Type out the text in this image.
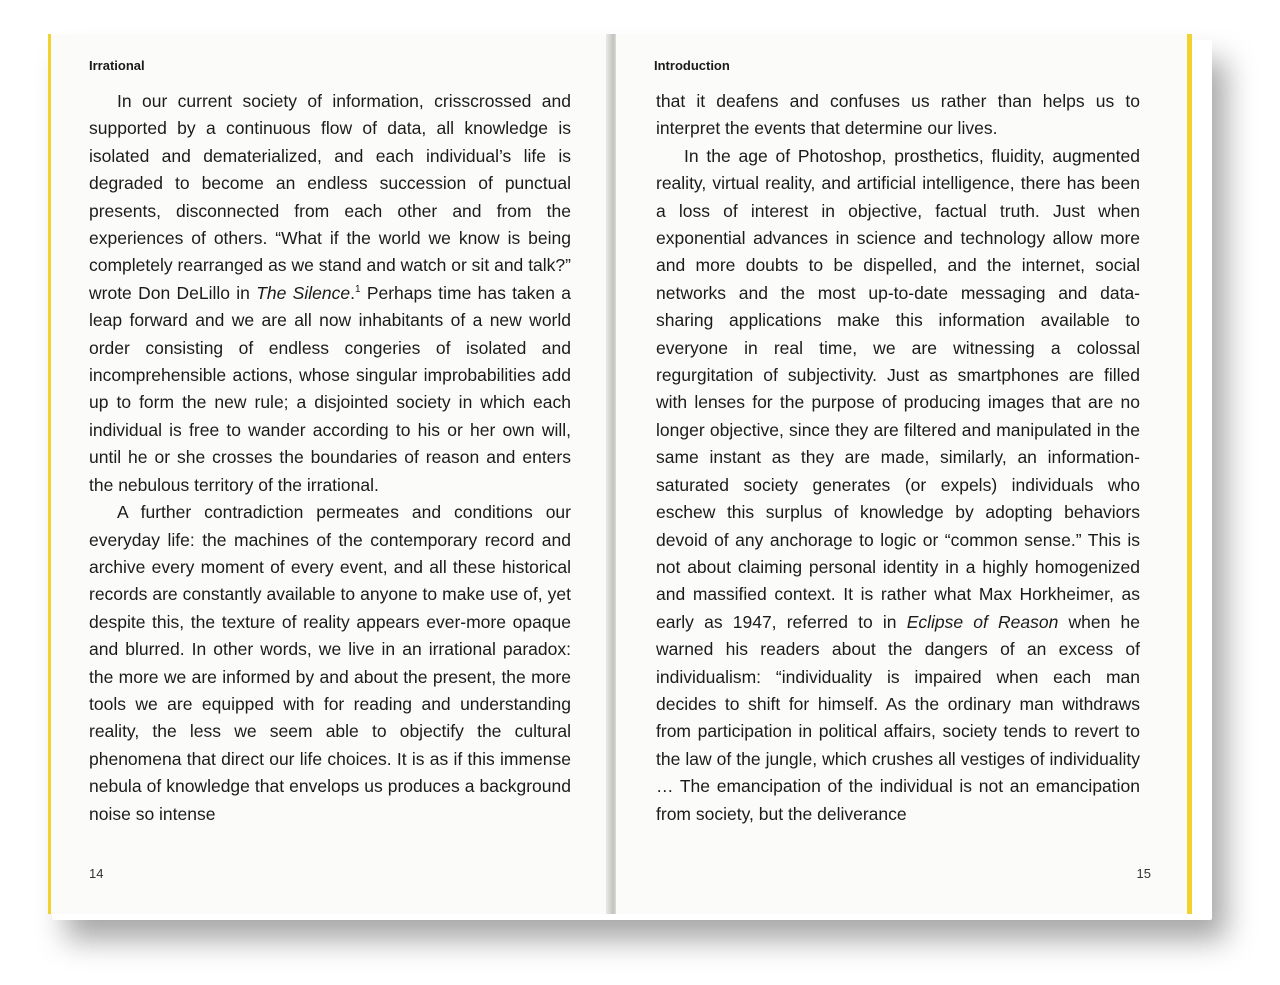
Irrational

In our current society of information, crisscrossed and supported by a continuous flow of data, all knowledge is isolated and dematerialized, and each individual’s life is degraded to become an endless succession of punctual presents, disconnected from each other and from the experiences of others. “What if the world we know is being completely rearranged as we stand and watch or sit and talk?” wrote Don DeLillo in The Silence.$^1$ Perhaps time has taken a leap forward and we are all now inhabitants of a new world order consisting of endless congeries of isolated and incomprehensible actions, whose singular improbabilities add up to form the new rule; a disjointed society in which each individual is free to wander according to his or her own will, until he or she crosses the boundaries of reason and enters the nebulous territory of the irrational.

A further contradiction permeates and conditions our everyday life: the machines of the contemporary record and archive every moment of every event, and all these historical records are constantly available to anyone to make use of, yet despite this, the texture of reality appears ever-more opaque and blurred. In other words, we live in an irrational paradox: the more we are informed by and about the present, the more tools we are equipped with for reading and understanding reality, the less we seem able to objectify the cultural phenomena that direct our life choices. It is as if this immense nebula of knowledge that envelops us produces a background noise so intense

14
Introduction

that it deafens and confuses us rather than helps us to interpret the events that determine our lives.

In the age of Photoshop, prosthetics, fluidity, augmented reality, virtual reality, and artificial intelligence, there has been a loss of interest in objective, factual truth. Just when exponential advances in science and technology allow more and more doubts to be dispelled, and the internet, social networks and the most up-to-date messaging and data-sharing applications make this information available to everyone in real time, we are witnessing a colossal regurgitation of subjectivity. Just as smartphones are filled with lenses for the purpose of producing images that are no longer objective, since they are filtered and manipulated in the same instant as they are made, similarly, an information-saturated society generates (or expels) individuals who eschew this surplus of knowledge by adopting behaviors devoid of any anchorage to logic or “common sense.” This is not about claiming personal identity in a highly homogenized and massified context. It is rather what Max Horkheimer, as early as 1947, referred to in Eclipse of Reason when he warned his readers about the dangers of an excess of individualism: “individuality is impaired when each man decides to shift for himself. As the ordinary man withdraws from participation in political affairs, society tends to revert to the law of the jungle, which crushes all vestiges of individuality … The emancipation of the individual is not an emancipation from society, but the deliverance

15
